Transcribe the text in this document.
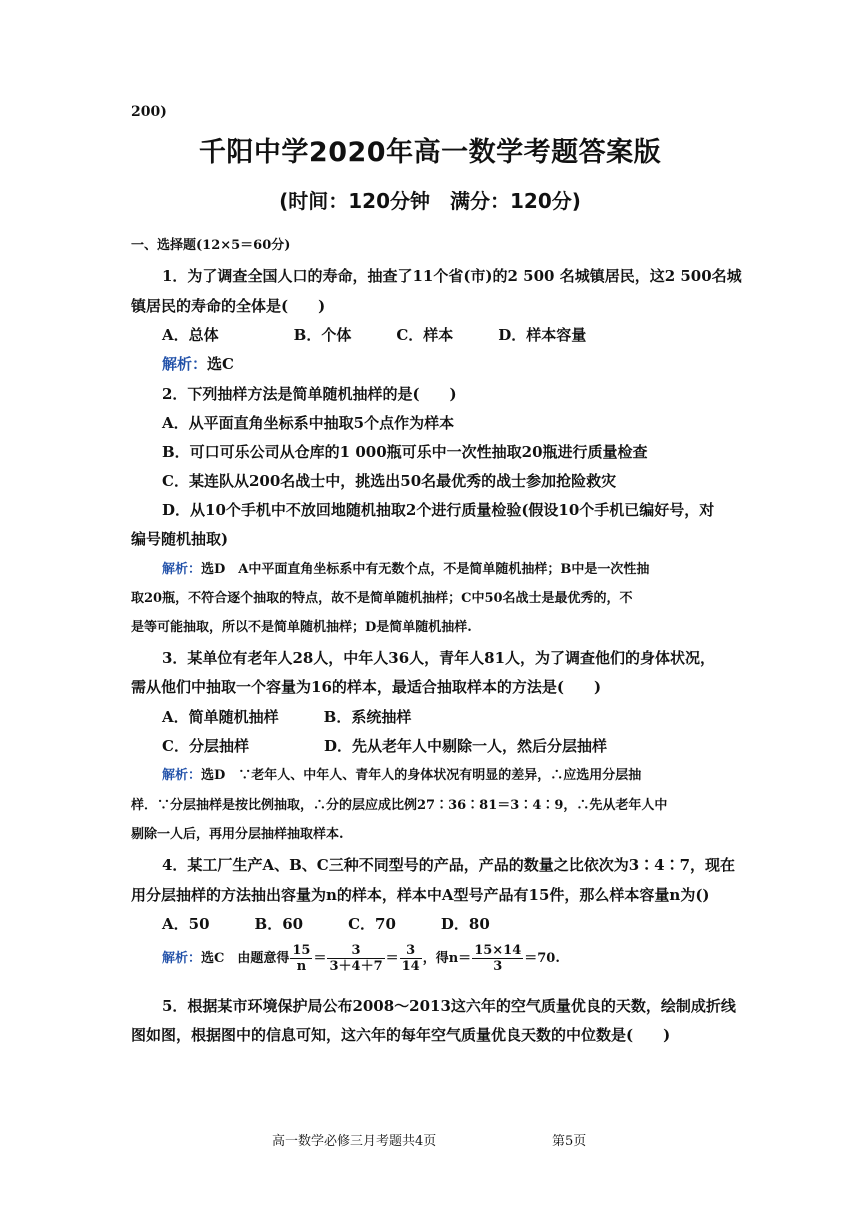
200)
千阳中学2020年高一数学考题答案版
(时间：120分钟　满分：120分)
一、选择题(12×5＝60分)
1．为了调查全国人口的寿命，抽查了11个省(市)的2 500 名城镇居民，这2 500名城
镇居民的寿命的全体是(　　)
A．总体　　　　　B．个体　　　C．样本　　　D．样本容量
解析：选C
2．下列抽样方法是简单随机抽样的是(　　)
A．从平面直角坐标系中抽取5个点作为样本
B．可口可乐公司从仓库的1 000瓶可乐中一次性抽取20瓶进行质量检查
C．某连队从200名战士中，挑选出50名最优秀的战士参加抢险救灾
D．从10个手机中不放回地随机抽取2个进行质量检验(假设10个手机已编好号，对
编号随机抽取)
解析：选D　A中平面直角坐标系中有无数个点，不是简单随机抽样；B中是一次性抽
取20瓶，不符合逐个抽取的特点，故不是简单随机抽样；C中50名战士是最优秀的，不
是等可能抽取，所以不是简单随机抽样；D是简单随机抽样.
3．某单位有老年人28人，中年人36人，青年人81人，为了调查他们的身体状况，
需从他们中抽取一个容量为16的样本，最适合抽取样本的方法是(　　)
A．简单随机抽样　　　B．系统抽样
C．分层抽样　　　　　D．先从老年人中剔除一人，然后分层抽样
解析：选D　∵老年人、中年人、青年人的身体状况有明显的差异，∴应选用分层抽
样．∵分层抽样是按比例抽取，∴分的层应成比例27∶36∶81＝3∶4∶9，∴先从老年人中
剔除一人后，再用分层抽样抽取样本.
4．某工厂生产A、B、C三种不同型号的产品，产品的数量之比依次为3∶4∶7，现在
用分层抽样的方法抽出容量为n的样本，样本中A型号产品有15件，那么样本容量n为()
A．50　　　B．60　　　C．70　　　D．80
解析：选C　由题意得 $\frac{15}{n} = \frac{3}{3+4+7} = \frac{3}{14}$ ，得$n= \frac{15\times 14}{3} =70$.
5．根据某市环境保护局公布2008～2013这六年的空气质量优良的天数，绘制成折线
图如图，根据图中的信息可知，这六年的每年空气质量优良天数的中位数是(　　)
高一数学必修三月考题共4页	第5页
